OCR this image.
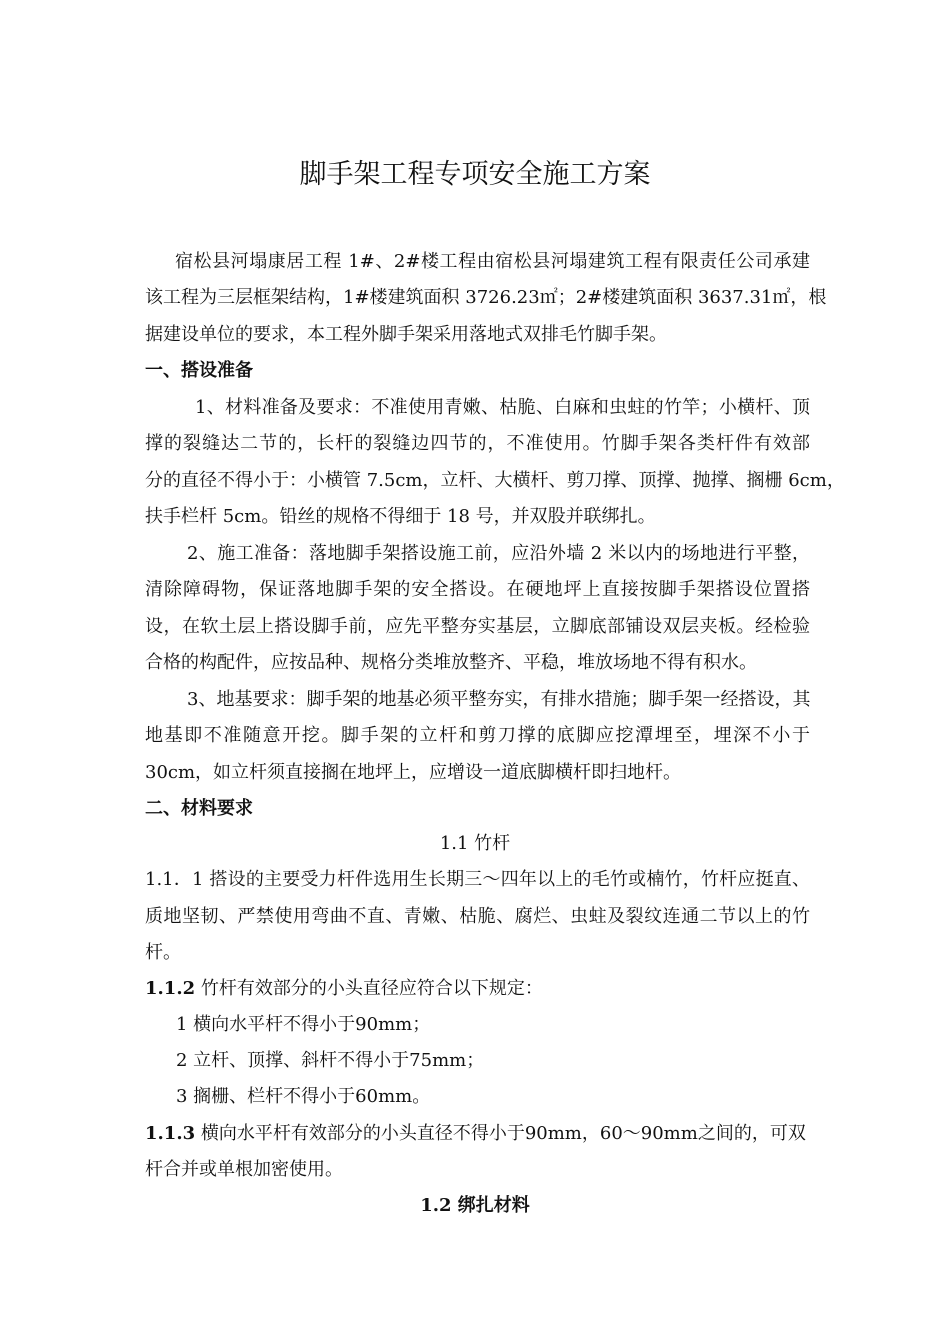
脚手架工程专项安全施工方案
宿松县河塌康居工程 1#、2#楼工程由宿松县河塌建筑工程有限责任公司承建
该工程为三层框架结构，1#楼建筑面积 3726.23㎡；2#楼建筑面积 3637.31㎡，根
据建设单位的要求，本工程外脚手架采用落地式双排毛竹脚手架。
一、搭设准备
1、材料准备及要求：不准使用青嫩、枯脆、白麻和虫蛀的竹竿；小横杆、顶
撑的裂缝达二节的，长杆的裂缝边四节的，不准使用。竹脚手架各类杆件有效部
分的直径不得小于：小横管 7.5cm，立杆、大横杆、剪刀撑、顶撑、抛撑、搁栅 6cm，
扶手栏杆 5cm。铅丝的规格不得细于 18 号，并双股并联绑扎。
2、施工准备：落地脚手架搭设施工前，应沿外墙 2 米以内的场地进行平整，
清除障碍物，保证落地脚手架的安全搭设。在硬地坪上直接按脚手架搭设位置搭
设，在软土层上搭设脚手前，应先平整夯实基层，立脚底部铺设双层夹板。经检验
合格的构配件，应按品种、规格分类堆放整齐、平稳，堆放场地不得有积水。
3、地基要求：脚手架的地基必须平整夯实，有排水措施；脚手架一经搭设，其
地基即不准随意开挖。脚手架的立杆和剪刀撑的底脚应挖潭埋至，埋深不小于
30cm，如立杆须直接搁在地坪上，应增设一道底脚横杆即扫地杆。
二、材料要求
1.1 竹杆
1.1．1 搭设的主要受力杆件选用生长期三～四年以上的毛竹或楠竹，竹杆应挺直、
质地坚韧、严禁使用弯曲不直、青嫩、枯脆、腐烂、虫蛀及裂纹连通二节以上的竹
杆。
1.1.2 竹杆有效部分的小头直径应符合以下规定：
1 横向水平杆不得小于90mm；
2 立杆、顶撑、斜杆不得小于75mm；
3 搁栅、栏杆不得小于60mm。
1.1.3 横向水平杆有效部分的小头直径不得小于90mm，60～90mm之间的，可双
杆合并或单根加密使用。
1.2 绑扎材料
